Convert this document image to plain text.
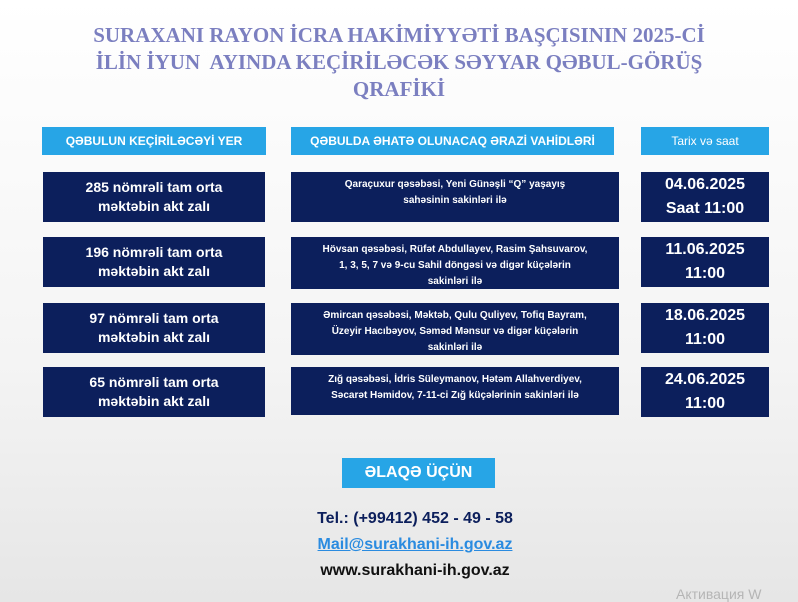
SURAXANI RAYON İCRA HAKİMİYYƏTİ BAŞÇISININ 2025-Cİ
İLİN İYUN  AYINDA KEÇİRİLƏCƏK SƏYYAR QƏBUL-GÖRÜŞ
QRAFİKİ
QƏBULUN KEÇİRİLƏCƏYİ YER	QƏBULDA ƏHATƏ OLUNACAQ ƏRAZİ VAHİDLƏRİ	Tarix və saat
285 nömrəli tam orta
məktəbin akt zalı
Qaraçuxur qəsəbəsi, Yeni Günəşli “Q” yaşayış
sahəsinin sakinləri ilə
04.06.2025
Saat 11:00
196 nömrəli tam orta
məktəbin akt zalı
Hövsan qəsəbəsi, Rüfət Abdullayev, Rasim Şahsuvarov,
1, 3, 5, 7 və 9-cu Sahil döngəsi və digər küçələrin
sakinləri ilə
11.06.2025
11:00
97 nömrəli tam orta
məktəbin akt zalı
Əmircan qəsəbəsi, Məktəb, Qulu Quliyev, Tofiq Bayram,
Üzeyir Hacıbəyov, Səməd Mənsur və digər küçələrin
sakinləri ilə
18.06.2025
11:00
65 nömrəli tam orta
məktəbin akt zalı
Zığ qəsəbəsi, İdris Süleymanov, Hətəm Allahverdiyev,
Səcarət Həmidov, 7-11-ci Zığ küçələrinin sakinləri ilə
24.06.2025
11:00
ƏLAQƏ ÜÇÜN
Tel.: (+99412) 452 - 49 - 58
Mail@surakhani-ih.gov.az
www.surakhani-ih.gov.az
Активация W
